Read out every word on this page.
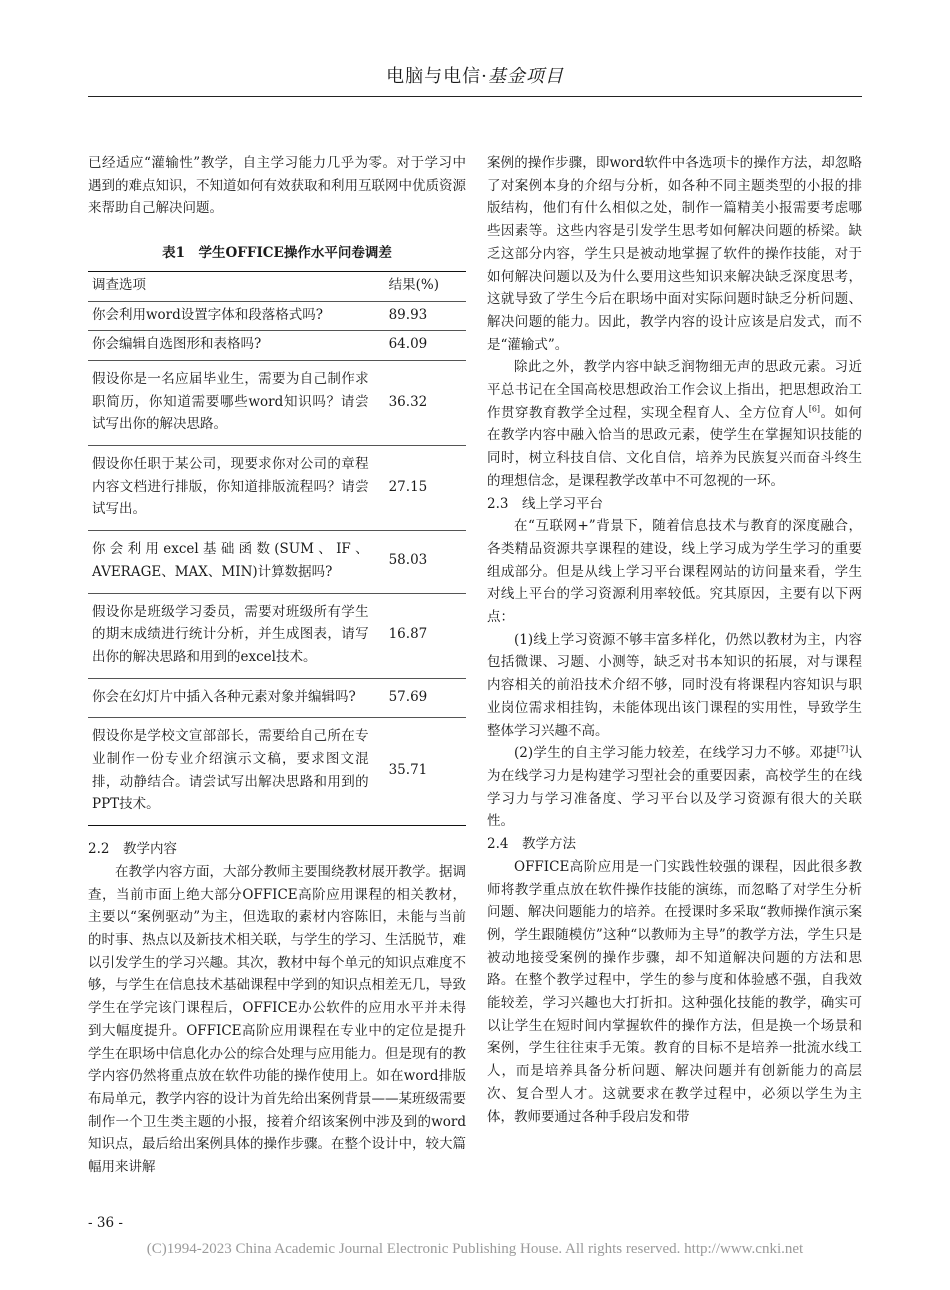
电脑与电信·基金项目

已经适应“灌输性”教学，自主学习能力几乎为零。对于学习中遇到的难点知识，不知道如何有效获取和利用互联网中优质资源来帮助自己解决问题。

表1　学生OFFICE操作水平问卷调差
调查选项	结果(%)
你会利用word设置字体和段落格式吗?	89.93
你会编辑自选图形和表格吗?	64.09
假设你是一名应届毕业生，需要为自己制作求职简历，你知道需要哪些word知识吗？请尝试写出你的解决思路。	36.32
假设你任职于某公司，现要求你对公司的章程内容文档进行排版，你知道排版流程吗？请尝试写出。	27.15
你会利用excel基础函数(SUM、IF、AVERAGE、MAX、MIN)计算数据吗?	58.03
假设你是班级学习委员，需要对班级所有学生的期末成绩进行统计分析，并生成图表，请写出你的解决思路和用到的excel技术。	16.87
你会在幻灯片中插入各种元素对象并编辑吗?	57.69
假设你是学校文宣部部长，需要给自己所在专业制作一份专业介绍演示文稿，要求图文混排，动静结合。请尝试写出解决思路和用到的PPT技术。	35.71
2.2　教学内容

在教学内容方面，大部分教师主要围绕教材展开教学。据调查，当前市面上绝大部分OFFICE高阶应用课程的相关教材，主要以“案例驱动”为主，但选取的素材内容陈旧，未能与当前的时事、热点以及新技术相关联，与学生的学习、生活脱节，难以引发学生的学习兴趣。其次，教材中每个单元的知识点难度不够，与学生在信息技术基础课程中学到的知识点相差无几，导致学生在学完该门课程后，OFFICE办公软件的应用水平并未得到大幅度提升。OFFICE高阶应用课程在专业中的定位是提升学生在职场中信息化办公的综合处理与应用能力。但是现有的教学内容仍然将重点放在软件功能的操作使用上。如在word排版布局单元，教学内容的设计为首先给出案例背景——某班级需要制作一个卫生类主题的小报，接着介绍该案例中涉及到的word知识点，最后给出案例具体的操作步骤。在整个设计中，较大篇幅用来讲解

案例的操作步骤，即word软件中各选项卡的操作方法，却忽略了对案例本身的介绍与分析，如各种不同主题类型的小报的排版结构，他们有什么相似之处，制作一篇精美小报需要考虑哪些因素等。这些内容是引发学生思考如何解决问题的桥梁。缺乏这部分内容，学生只是被动地掌握了软件的操作技能，对于如何解决问题以及为什么要用这些知识来解决缺乏深度思考，这就导致了学生今后在职场中面对实际问题时缺乏分析问题、解决问题的能力。因此，教学内容的设计应该是启发式，而不是“灌输式”。

除此之外，教学内容中缺乏润物细无声的思政元素。习近平总书记在全国高校思想政治工作会议上指出，把思想政治工作贯穿教育教学全过程，实现全程育人、全方位育人[6]。如何在教学内容中融入恰当的思政元素，使学生在掌握知识技能的同时，树立科技自信、文化自信，培养为民族复兴而奋斗终生的理想信念，是课程教学改革中不可忽视的一环。

2.3　线上学习平台

在“互联网+”背景下，随着信息技术与教育的深度融合，各类精品资源共享课程的建设，线上学习成为学生学习的重要组成部分。但是从线上学习平台课程网站的访问量来看，学生对线上平台的学习资源利用率较低。究其原因，主要有以下两点：

(1)线上学习资源不够丰富多样化，仍然以教材为主，内容包括微课、习题、小测等，缺乏对书本知识的拓展，对与课程内容相关的前沿技术介绍不够，同时没有将课程内容知识与职业岗位需求相挂钩，未能体现出该门课程的实用性，导致学生整体学习兴趣不高。

(2)学生的自主学习能力较差，在线学习力不够。邓捷[7]认为在线学习力是构建学习型社会的重要因素，高校学生的在线学习力与学习准备度、学习平台以及学习资源有很大的关联性。

2.4　教学方法

OFFICE高阶应用是一门实践性较强的课程，因此很多教师将教学重点放在软件操作技能的演练，而忽略了对学生分析问题、解决问题能力的培养。在授课时多采取“教师操作演示案例，学生跟随模仿”这种“以教师为主导”的教学方法，学生只是被动地接受案例的操作步骤，却不知道解决问题的方法和思路。在整个教学过程中，学生的参与度和体验感不强，自我效能较差，学习兴趣也大打折扣。这种强化技能的教学，确实可以让学生在短时间内掌握软件的操作方法，但是换一个场景和案例，学生往往束手无策。教育的目标不是培养一批流水线工人，而是培养具备分析问题、解决问题并有创新能力的高层次、复合型人才。这就要求在教学过程中，必须以学生为主体，教师要通过各种手段启发和带

- 36 -
(C)1994-2023 China Academic Journal Electronic Publishing House. All rights reserved. http://www.cnki.net
